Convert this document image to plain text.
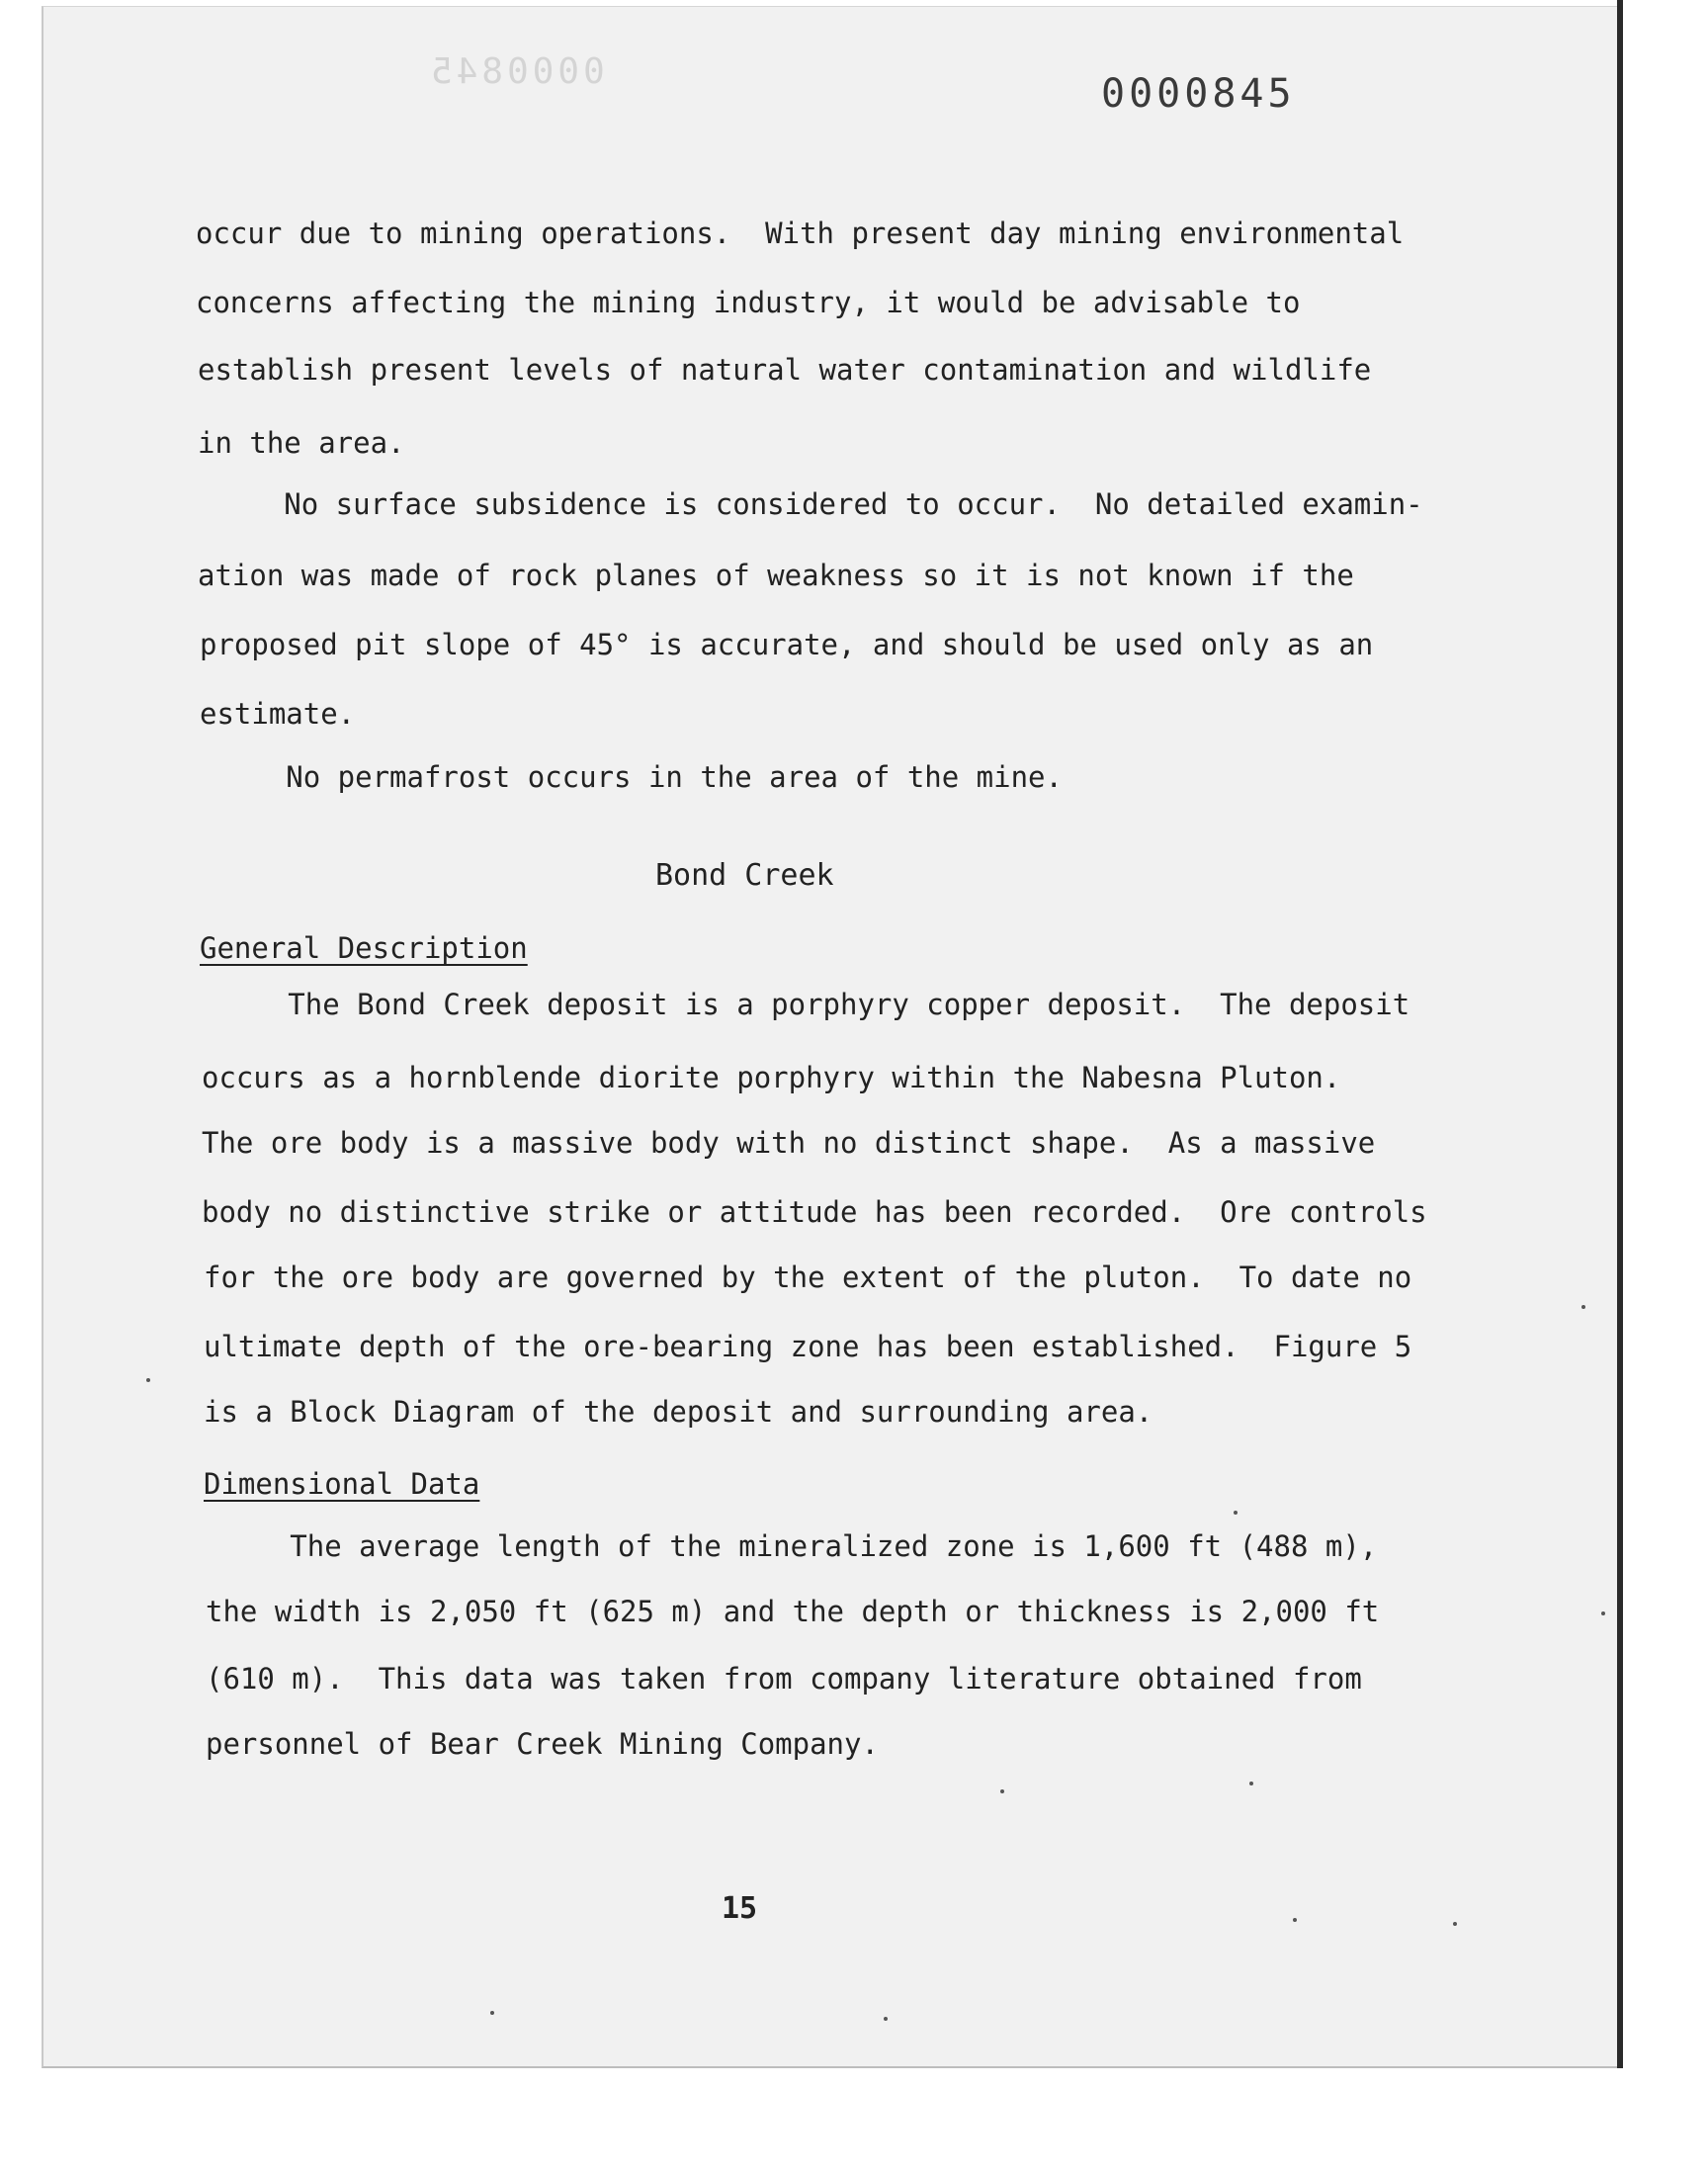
0000845	0000845
occur due to mining operations.  With present day mining environmental
concerns affecting the mining industry, it would be advisable to
establish present levels of natural water contamination and wildlife
in the area.
No surface subsidence is considered to occur.  No detailed examin-
ation was made of rock planes of weakness so it is not known if the
proposed pit slope of 45° is accurate, and should be used only as an
estimate.
No permafrost occurs in the area of the mine.
Bond Creek
General Description
The Bond Creek deposit is a porphyry copper deposit.  The deposit
occurs as a hornblende diorite porphyry within the Nabesna Pluton.
The ore body is a massive body with no distinct shape.  As a massive
body no distinctive strike or attitude has been recorded.  Ore controls
for the ore body are governed by the extent of the pluton.  To date no
ultimate depth of the ore-bearing zone has been established.  Figure 5
is a Block Diagram of the deposit and surrounding area.
Dimensional Data
The average length of the mineralized zone is 1,600 ft (488 m),
the width is 2,050 ft (625 m) and the depth or thickness is 2,000 ft
(610 m).  This data was taken from company literature obtained from
personnel of Bear Creek Mining Company.
15
